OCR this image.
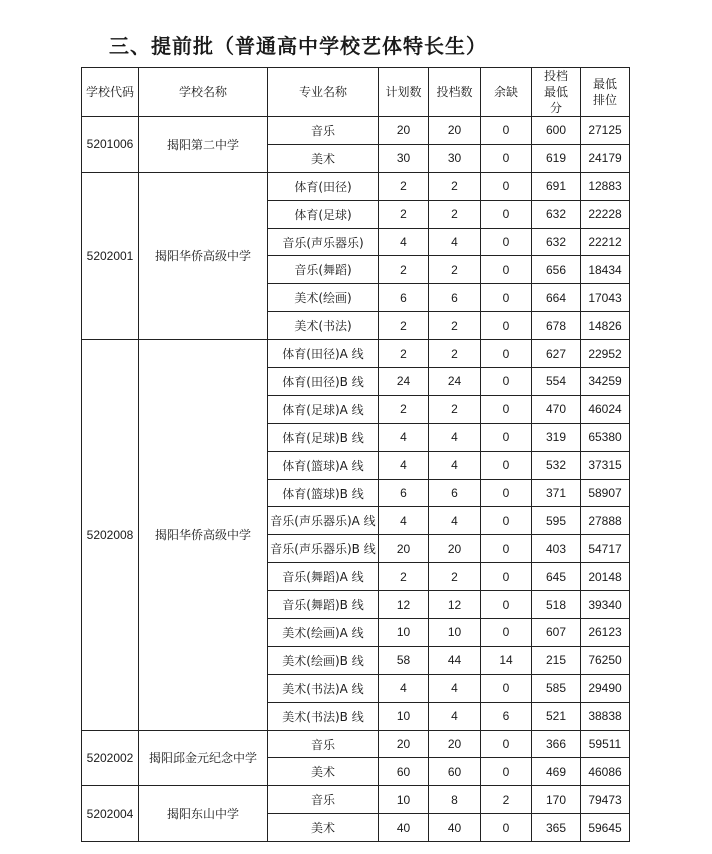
三、提前批（普通高中学校艺体特长生）
学校代码	学校名称	专业名称	计划数	投档数	余缺	投档最低分	最低排位
5201006	揭阳第二中学	音乐	20	20	0	600	27125
		美术	30	30	0	619	24179
5202001	揭阳华侨高级中学	体育(田径)	2	2	0	691	12883
		体育(足球)	2	2	0	632	22228
		音乐(声乐器乐)	4	4	0	632	22212
		音乐(舞蹈)	2	2	0	656	18434
		美术(绘画)	6	6	0	664	17043
		美术(书法)	2	2	0	678	14826
5202008	揭阳华侨高级中学	体育(田径)A 线	2	2	0	627	22952
		体育(田径)B 线	24	24	0	554	34259
		体育(足球)A 线	2	2	0	470	46024
		体育(足球)B 线	4	4	0	319	65380
		体育(篮球)A 线	4	4	0	532	37315
		体育(篮球)B 线	6	6	0	371	58907
		音乐(声乐器乐)A 线	4	4	0	595	27888
		音乐(声乐器乐)B 线	20	20	0	403	54717
		音乐(舞蹈)A 线	2	2	0	645	20148
		音乐(舞蹈)B 线	12	12	0	518	39340
		美术(绘画)A 线	10	10	0	607	26123
		美术(绘画)B 线	58	44	14	215	76250
		美术(书法)A 线	4	4	0	585	29490
		美术(书法)B 线	10	4	6	521	38838
5202002	揭阳邱金元纪念中学	音乐	20	20	0	366	59511
		美术	60	60	0	469	46086
5202004	揭阳东山中学	音乐	10	8	2	170	79473
		美术	40	40	0	365	59645
